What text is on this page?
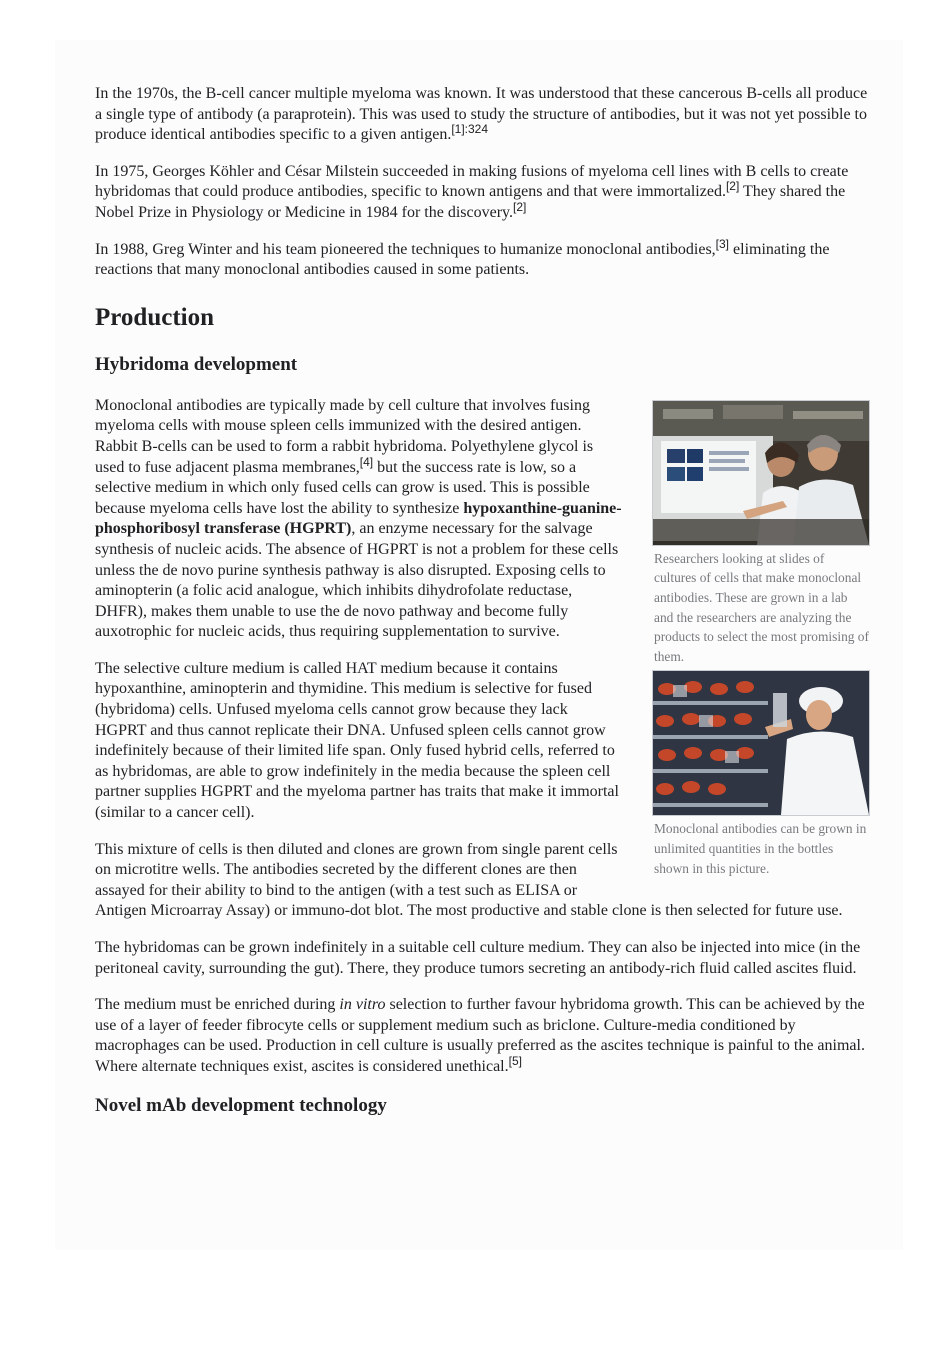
In the 1970s, the B-cell cancer multiple myeloma was known. It was understood that these cancerous B-cells all produce a single type of antibody (a paraprotein). This was used to study the structure of antibodies, but it was not yet possible to produce identical antibodies specific to a given antigen.$^{[1]:324}$

In 1975, Georges Köhler and César Milstein succeeded in making fusions of myeloma cell lines with B cells to create hybridomas that could produce antibodies, specific to known antigens and that were immortalized.[2] They shared the Nobel Prize in Physiology or Medicine in 1984 for the discovery.[2]

In 1988, Greg Winter and his team pioneered the techniques to humanize monoclonal antibodies,[3] eliminating the reactions that many monoclonal antibodies caused in some patients.

Production
Hybridoma development
Researchers looking at slides of cultures of cells that make monoclonal antibodies. These are grown in a lab and the researchers are analyzing the products to select the most promising of them.

Monoclonal antibodies are typically made by cell culture that involves fusing myeloma cells with mouse spleen cells immunized with the desired antigen. Rabbit B-cells can be used to form a rabbit hybridoma. Polyethylene glycol is used to fuse adjacent plasma membranes,[4] but the success rate is low, so a selective medium in which only fused cells can grow is used. This is possible because myeloma cells have lost the ability to synthesize hypoxanthine-guanine-phosphoribosyl transferase (HGPRT), an enzyme necessary for the salvage synthesis of nucleic acids. The absence of HGPRT is not a problem for these cells unless the de novo purine synthesis pathway is also disrupted. Exposing cells to aminopterin (a folic acid analogue, which inhibits dihydrofolate reductase, DHFR), makes them unable to use the de novo pathway and become fully auxotrophic for nucleic acids, thus requiring supplementation to survive.

Monoclonal antibodies can be grown in unlimited quantities in the bottles shown in this picture.

The selective culture medium is called HAT medium because it contains hypoxanthine, aminopterin and thymidine. This medium is selective for fused (hybridoma) cells. Unfused myeloma cells cannot grow because they lack HGPRT and thus cannot replicate their DNA. Unfused spleen cells cannot grow indefinitely because of their limited life span. Only fused hybrid cells, referred to as hybridomas, are able to grow indefinitely in the media because the spleen cell partner supplies HGPRT and the myeloma partner has traits that make it immortal (similar to a cancer cell).

This mixture of cells is then diluted and clones are grown from single parent cells on microtitre wells. The antibodies secreted by the different clones are then assayed for their ability to bind to the antigen (with a test such as ELISA or Antigen Microarray Assay) or immuno-dot blot. The most productive and stable clone is then selected for future use.

The hybridomas can be grown indefinitely in a suitable cell culture medium. They can also be injected into mice (in the peritoneal cavity, surrounding the gut). There, they produce tumors secreting an antibody-rich fluid called ascites fluid.

The medium must be enriched during in vitro selection to further favour hybridoma growth. This can be achieved by the use of a layer of feeder fibrocyte cells or supplement medium such as briclone. Culture-media conditioned by macrophages can be used. Production in cell culture is usually preferred as the ascites technique is painful to the animal. Where alternate techniques exist, ascites is considered unethical.[5]

Novel mAb development technology
